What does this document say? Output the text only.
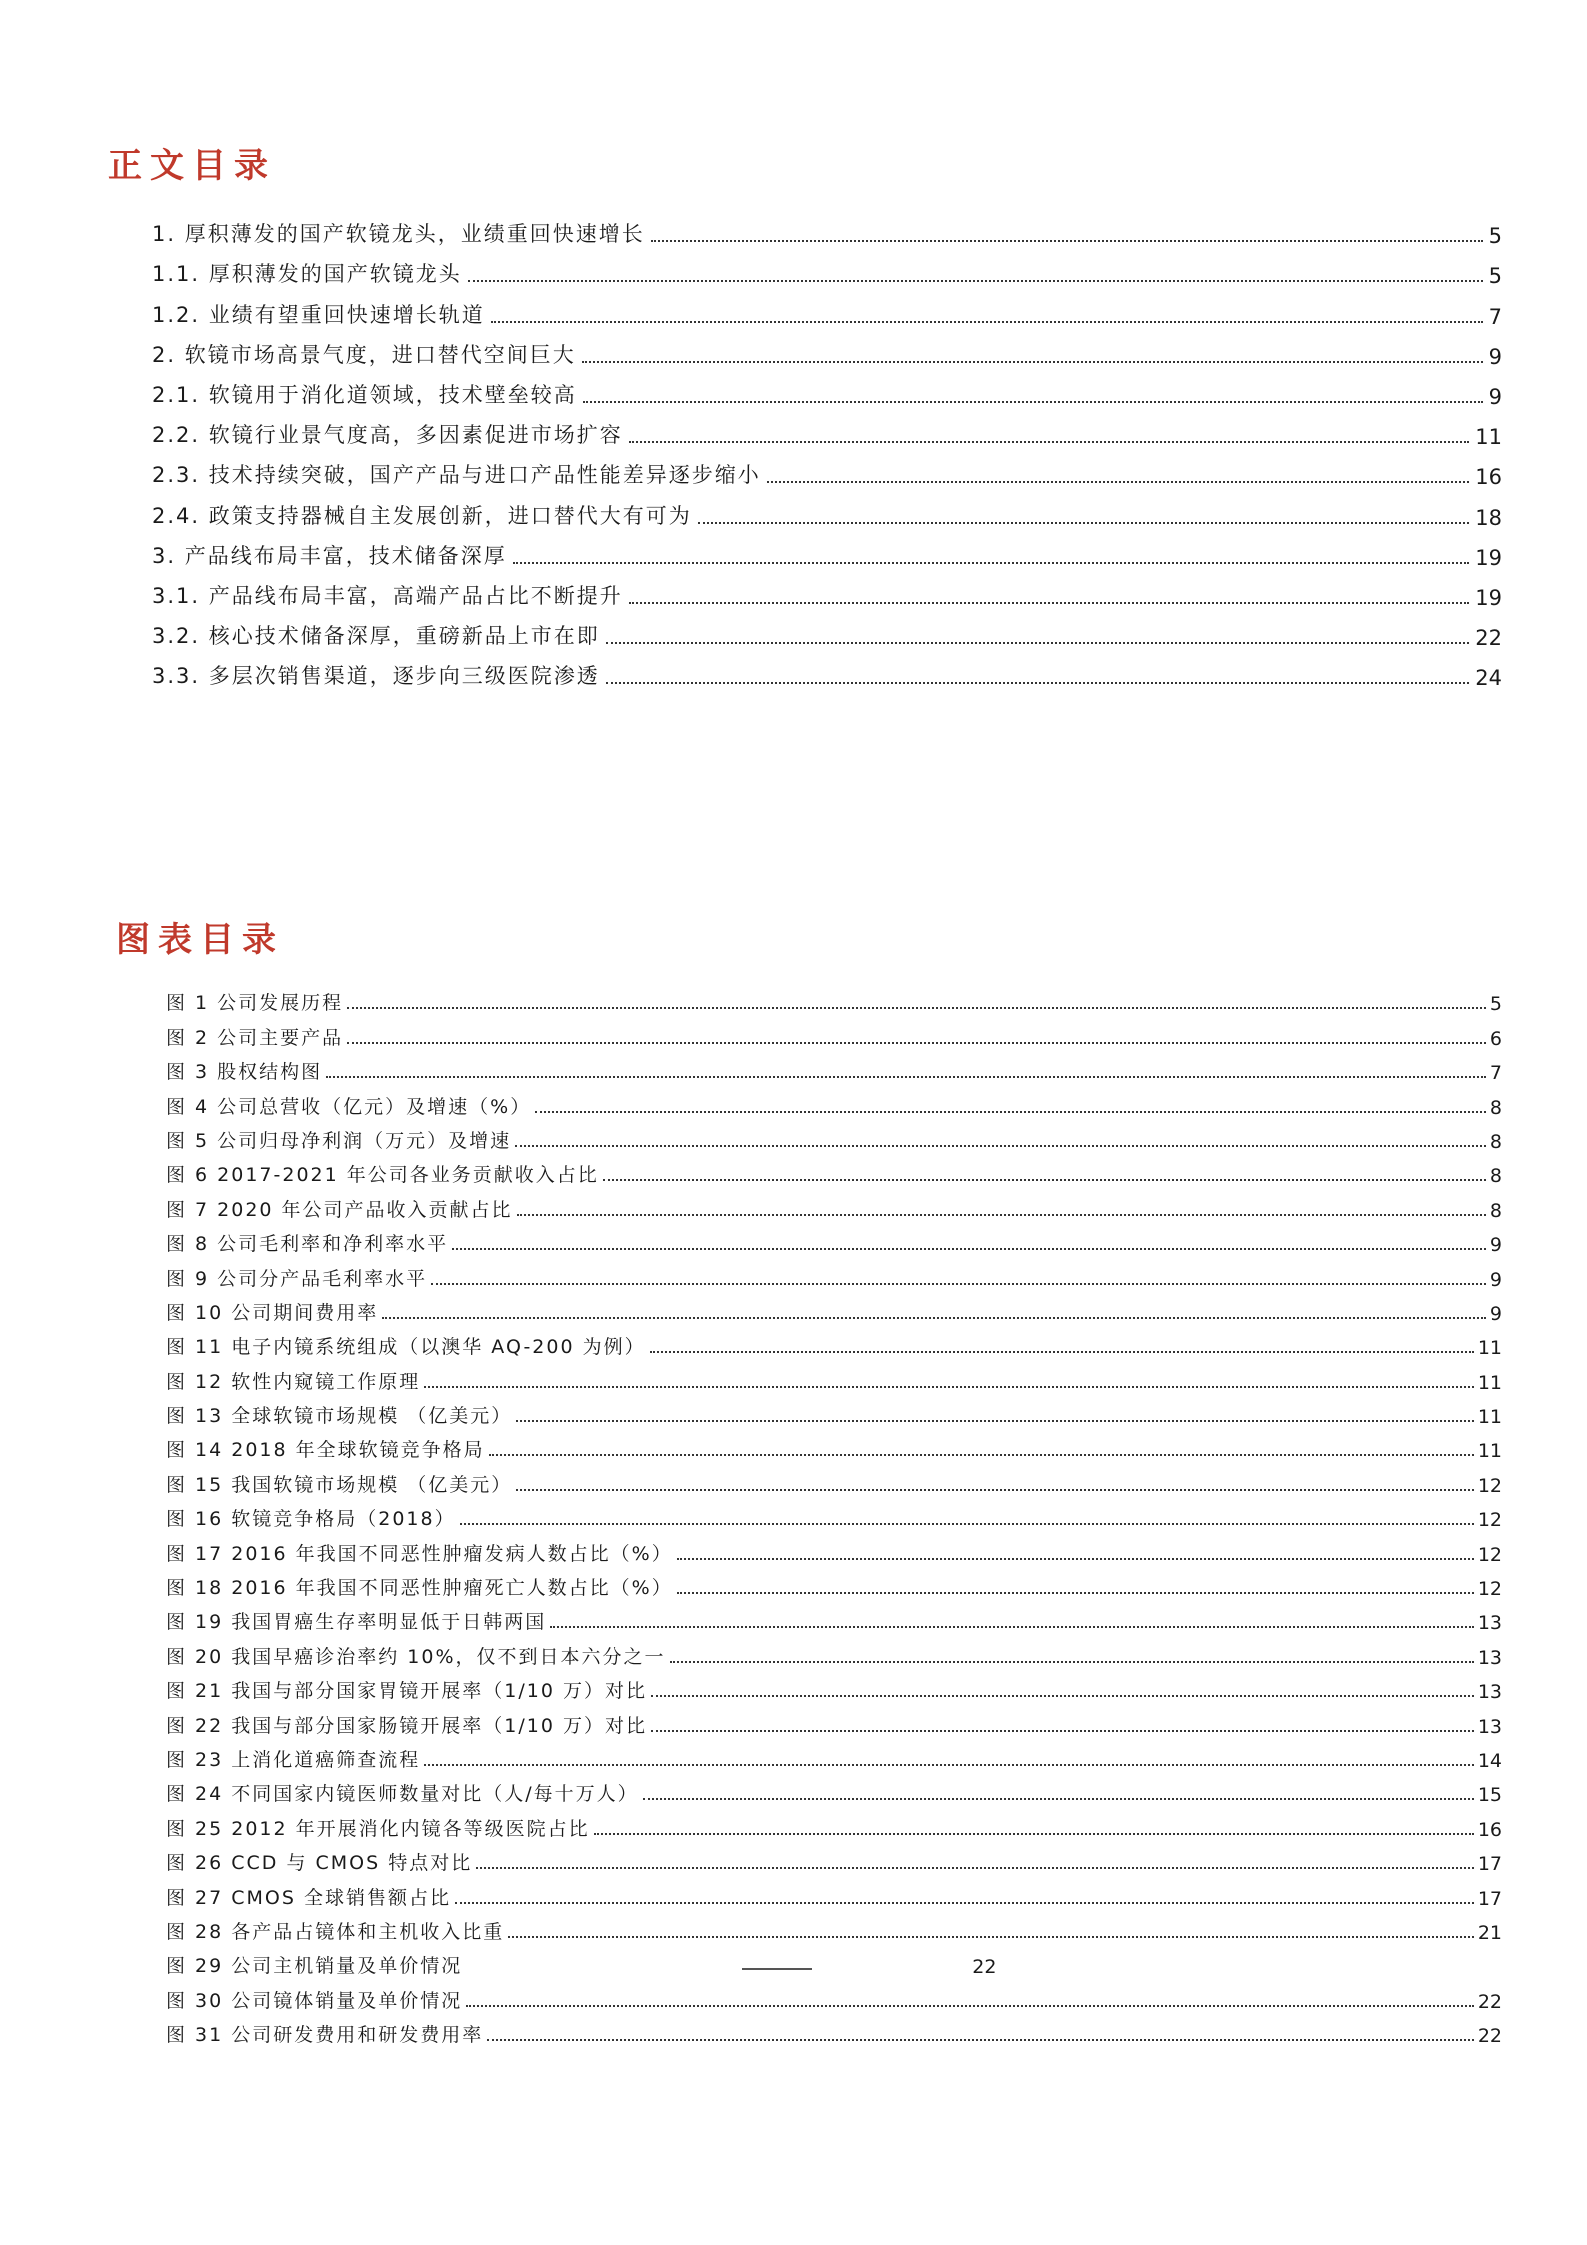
正文目录
1. 厚积薄发的国产软镜龙头，业绩重回快速增长	5
1.1. 厚积薄发的国产软镜龙头	5
1.2. 业绩有望重回快速增长轨道	7
2. 软镜市场高景气度，进口替代空间巨大	9
2.1. 软镜用于消化道领域，技术壁垒较高	9
2.2. 软镜行业景气度高，多因素促进市场扩容	11
2.3. 技术持续突破，国产产品与进口产品性能差异逐步缩小	16
2.4. 政策支持器械自主发展创新，进口替代大有可为	18
3. 产品线布局丰富，技术储备深厚	19
3.1. 产品线布局丰富，高端产品占比不断提升	19
3.2. 核心技术储备深厚，重磅新品上市在即	22
3.3. 多层次销售渠道，逐步向三级医院渗透	24
图表目录
图 1 公司发展历程	5
图 2 公司主要产品	6
图 3 股权结构图	7
图 4 公司总营收（亿元）及增速（%）	8
图 5 公司归母净利润（万元）及增速	8
图 6 2017-2021 年公司各业务贡献收入占比	8
图 7 2020 年公司产品收入贡献占比	8
图 8 公司毛利率和净利率水平	9
图 9 公司分产品毛利率水平	9
图 10 公司期间费用率	9
图 11 电子内镜系统组成（以澳华 AQ-200 为例）	11
图 12 软性内窥镜工作原理	11
图 13 全球软镜市场规模 （亿美元）	11
图 14 2018 年全球软镜竞争格局	11
图 15 我国软镜市场规模 （亿美元）	12
图 16 软镜竞争格局（2018）	12
图 17 2016 年我国不同恶性肿瘤发病人数占比（%）	12
图 18 2016 年我国不同恶性肿瘤死亡人数占比（%）	12
图 19 我国胃癌生存率明显低于日韩两国	13
图 20 我国早癌诊治率约 10%，仅不到日本六分之一	13
图 21 我国与部分国家胃镜开展率（1/10 万）对比	13
图 22 我国与部分国家肠镜开展率（1/10 万）对比	13
图 23 上消化道癌筛查流程	14
图 24 不同国家内镜医师数量对比（人/每十万人）	15
图 25 2012 年开展消化内镜各等级医院占比	16
图 26 CCD 与 CMOS 特点对比	17
图 27 CMOS 全球销售额占比	17
图 28 各产品占镜体和主机收入比重	21
图 29 公司主机销量及单价情况	22
图 30 公司镜体销量及单价情况	22
图 31 公司研发费用和研发费用率	22
